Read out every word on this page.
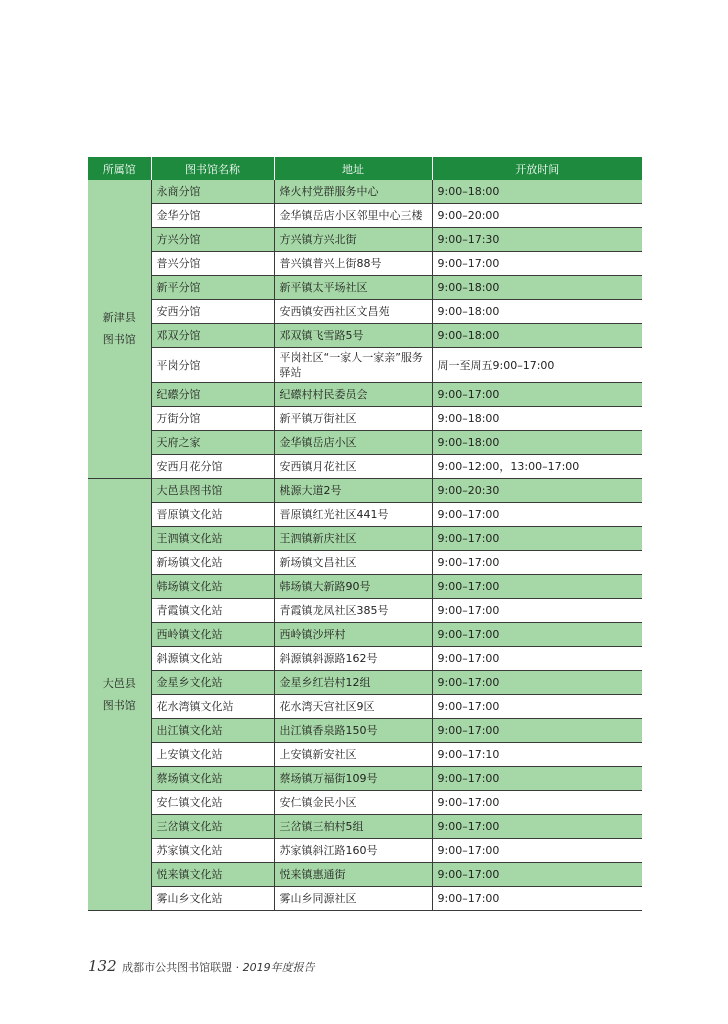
所属馆	图书馆名称	地址	开放时间

新津县
图书馆	永商分馆	烽火村党群服务中心	9:00–18:00
	金华分馆	金华镇岳店小区邻里中心三楼	9:00–20:00
	方兴分馆	方兴镇方兴北街	9:00–17:30
	普兴分馆	普兴镇普兴上街88号	9:00–17:00
	新平分馆	新平镇太平场社区	9:00–18:00
	安西分馆	安西镇安西社区文昌苑	9:00–18:00
	邓双分馆	邓双镇飞雪路5号	9:00–18:00
	平岗分馆	平岗社区“一家人一家亲”服务驿站	周一至周五9:00–17:00
	纪礤分馆	纪礤村村民委员会	9:00–17:00
	万街分馆	新平镇万街社区	9:00–18:00
	天府之家	金华镇岳店小区	9:00–18:00
	安西月花分馆	安西镇月花社区	9:00–12:00，13:00–17:00

大邑县
图书馆	大邑县图书馆	桃源大道2号	9:00–20:30
	晋原镇文化站	晋原镇红光社区441号	9:00–17:00
	王泗镇文化站	王泗镇新庆社区	9:00–17:00
	新场镇文化站	新场镇文昌社区	9:00–17:00
	韩场镇文化站	韩场镇大新路90号	9:00–17:00
	青霞镇文化站	青霞镇龙凤社区385号	9:00–17:00
	西岭镇文化站	西岭镇沙坪村	9:00–17:00
	斜源镇文化站	斜源镇斜源路162号	9:00–17:00
	金星乡文化站	金星乡红岩村12组	9:00–17:00
	花水湾镇文化站	花水湾天宫社区9区	9:00–17:00
	出江镇文化站	出江镇香泉路150号	9:00–17:00
	上安镇文化站	上安镇新安社区	9:00–17:10
	蔡场镇文化站	蔡场镇万福街109号	9:00–17:00
	安仁镇文化站	安仁镇金民小区	9:00–17:00
	三岔镇文化站	三岔镇三柏村5组	9:00–17:00
	苏家镇文化站	苏家镇斜江路160号	9:00–17:00
	悦来镇文化站	悦来镇惠通街	9:00–17:00
	雾山乡文化站	雾山乡同源社区	9:00–17:00
132 成都市公共图书馆联盟 · 2019年度报告
